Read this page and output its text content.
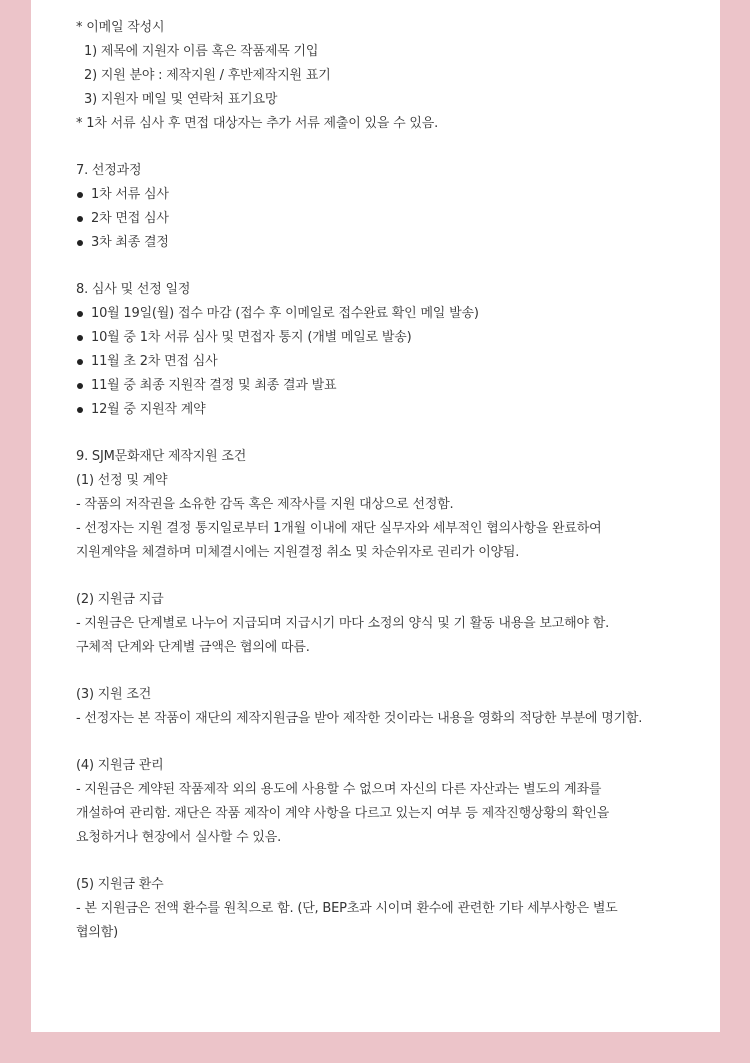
* 이메일 작성시
1) 제목에 지원자 이름 혹은 작품제목 기입
2) 지원 분야 : 제작지원 / 후반제작지원 표기
3) 지원자 메일 및 연락처 표기요망
* 1차 서류 심사 후 면접 대상자는 추가 서류 제출이 있을 수 있음.
7. 선정과정
1차 서류 심사
2차 면접 심사
3차 최종 결정
8. 심사 및 선정 일정
10월 19일(월) 접수 마감 (접수 후 이메일로 접수완료 확인 메일 발송)
10월 중 1차 서류 심사 및 면접자 통지 (개별 메일로 발송)
11월 초 2차 면접 심사
11월 중 최종 지원작 결정 및 최종 결과 발표
12월 중 지원작 계약
9. SJM문화재단 제작지원 조건
(1) 선정 및 계약
- 작품의 저작권을 소유한 감독 혹은 제작사를 지원 대상으로 선정함.
- 선정자는 지원 결정 통지일로부터 1개월 이내에 재단 실무자와 세부적인 협의사항을 완료하여
지원계약을 체결하며 미체결시에는 지원결정 취소 및 차순위자로 권리가 이양됨.
(2) 지원금 지급
- 지원금은 단계별로 나누어 지급되며 지급시기 마다 소정의 양식 및 기 활동 내용을 보고해야 함.
구체적 단계와 단계별 금액은 협의에 따름.
(3) 지원 조건
- 선정자는 본 작품이 재단의 제작지원금을 받아 제작한 것이라는 내용을 영화의 적당한 부분에 명기함.
(4) 지원금 관리
- 지원금은 계약된 작품제작 외의 용도에 사용할 수 없으며 자신의 다른 자산과는 별도의 계좌를
개설하여 관리함. 재단은 작품 제작이 계약 사항을 다르고 있는지 여부 등 제작진행상황의 확인을
요청하거나 현장에서 실사할 수 있음.
(5) 지원금 환수
- 본 지원금은 전액 환수를 원칙으로 함. (단, BEP초과 시이며 환수에 관련한 기타 세부사항은 별도
협의함)
